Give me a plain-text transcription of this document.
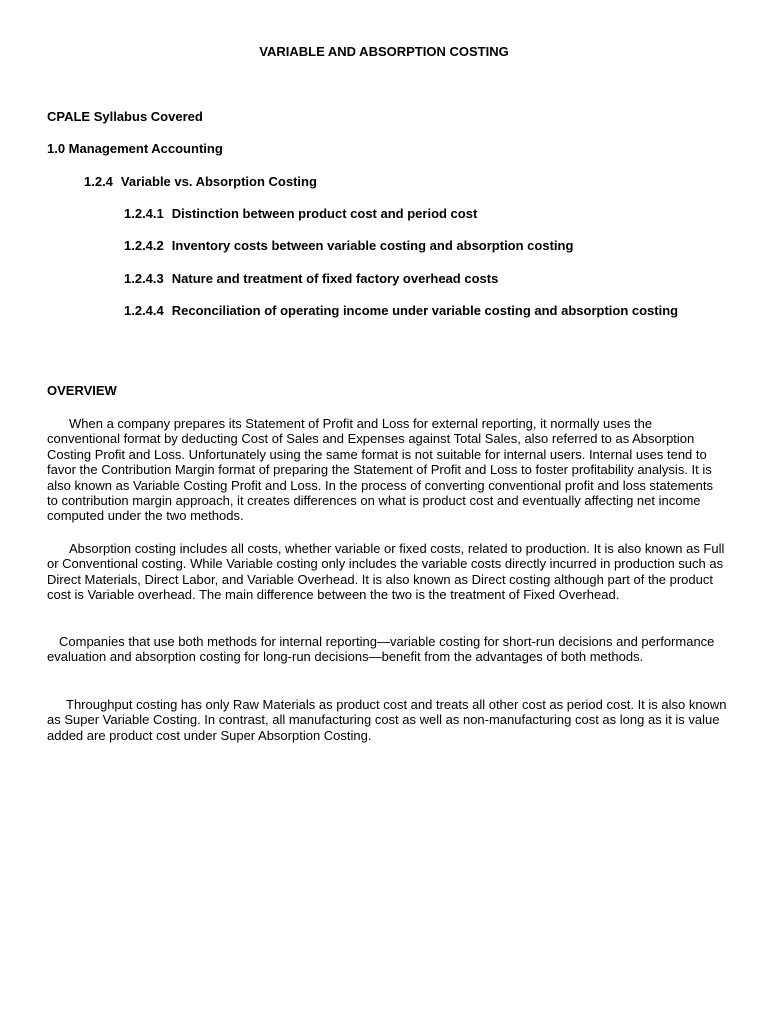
VARIABLE AND ABSORPTION COSTING
CPALE Syllabus Covered
1.0 Management Accounting
1.2.4 Variable vs. Absorption Costing
1.2.4.1 Distinction between product cost and period cost
1.2.4.2 Inventory costs between variable costing and absorption costing
1.2.4.3 Nature and treatment of fixed factory overhead costs
1.2.4.4 Reconciliation of operating income under variable costing and absorption costing
OVERVIEW

When a company prepares its Statement of Profit and Loss for external reporting, it normally uses the conventional format by deducting Cost of Sales and Expenses against Total Sales, also referred to as Absorption Costing Profit and Loss. Unfortunately using the same format is not suitable for internal users. Internal uses tend to favor the Contribution Margin format of preparing the Statement of Profit and Loss to foster profitability analysis. It is also known as Variable Costing Profit and Loss. In the process of converting conventional profit and loss statements to contribution margin approach, it creates differences on what is product cost and eventually affecting net income computed under the two methods.

Absorption costing includes all costs, whether variable or fixed costs, related to production. It is also known as Full or Conventional costing. While Variable costing only includes the variable costs directly incurred in production such as Direct Materials, Direct Labor, and Variable Overhead. It is also known as Direct costing although part of the product cost is Variable overhead. The main difference between the two is the treatment of Fixed Overhead.

Companies that use both methods for internal reporting—variable costing for short-run decisions and performance evaluation and absorption costing for long-run decisions—benefit from the advantages of both methods.

Throughput costing has only Raw Materials as product cost and treats all other cost as period cost. It is also known as Super Variable Costing. In contrast, all manufacturing cost as well as non-manufacturing cost as long as it is value added are product cost under Super Absorption Costing.
